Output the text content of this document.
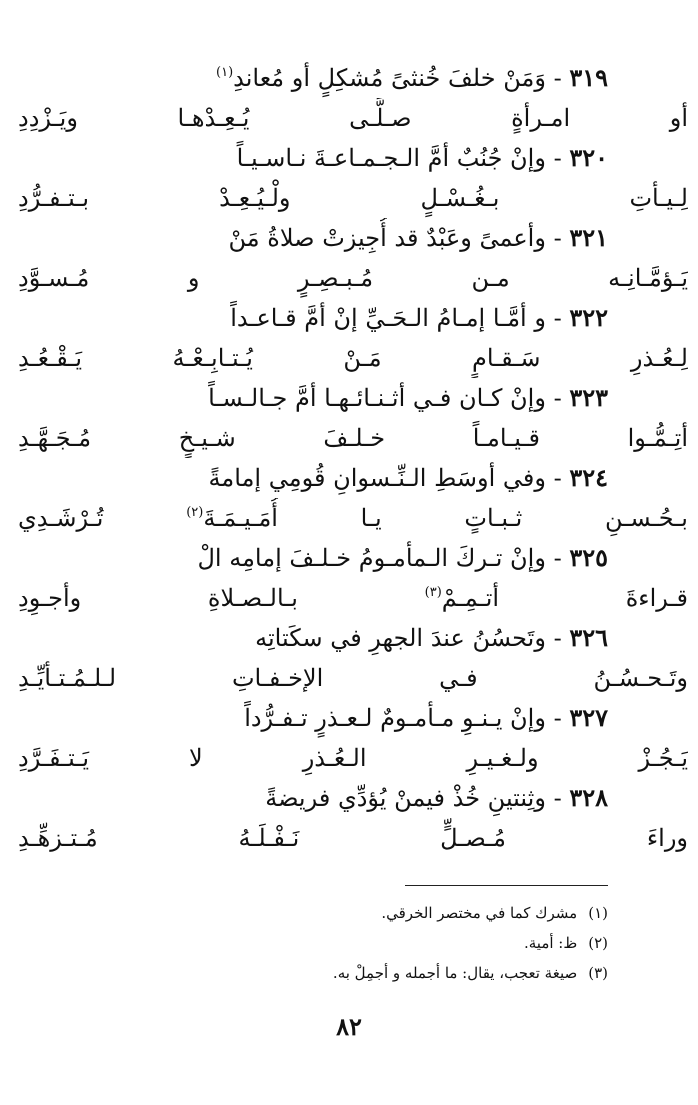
٣١٩ - وَمَنْ خلفَ خُنثىً مُشكِلٍ أو مُعاندِ$^{(١)}$
أو امـرأةٍ صـلَّـى يُـعِـدْهـا ويَـزْدِدِ
٣٢٠ - وإنْ جُنُبٌ أمَّ الـجـمـاعـةَ نـاسـيـاً
لِـيـأتِ بـغُـسْـلٍ ولْـيُـعِـدْ بـتـفـرُّدِ
٣٢١ - وأعمىً وعَبْدٌ قد أُجِيزتْ صلاةُ مَنْ
يَـؤمَّـانِـه مـن مُـبـصِـرٍ و مُـسـوَّدِ
٣٢٢ - و أمَّـا إمـامُ الـحَـيِّ إنْ أمَّ قـاعـداً
لِـعُـذرِ سَـقـامٍ مَـنْ يُـتـابِـعْـهُ يَـقْـعُـدِ
٣٢٣ - وإنْ كـان فـي أثـنـائـهـا أمَّ جـالـسـاً
أتِـمُّـوا قـيـامـاً خـلـفَ شـيـخٍ مُـجَـهَّـدِ
٣٢٤ - وفي أوسَطِ الـنِّـسوانِ قُومِي إمامةً
بـحُـسـنِ ثـبـاتٍ يـا أُمَـيـمَـةَ$^{(٢)}$ تُـرْشَـدِي
٣٢٥ - وإنْ تـركَ الـمأمـومُ خـلـفَ إمامِه الْ
قـراءةَ أتـمِـمْ$^{(٣)}$ بـالـصـلاةِ وأجـوِدِ
٣٢٦ - وتَحسُنُ عندَ الجهرِ في سكَتاتِه
وتَـحـسُـنُ فـي الإخـفـاتِ لـلـمُـتـأيِّـدِ
٣٢٧ - وإنْ يـنـوِ مـأمـومٌ لـعـذرٍ تـفـرُّداً
يَـجُـزْ ولـغـيـرِ الـعُـذرِ لا يَـتـفَـرَّدِ
٣٢٨ - وثِنتينِ خُذْ فيمنْ يُؤدِّي فريضةً
وراءَ مُـصـلٍّ نَـفْـلَـهُ مُـتـزهِّـدِ
(١) مشرك كما في مختصر الخرقي.
(٢) ظ: أمية.
(٣) صيغة تعجب، يقال: ما أجمله و أجمِلْ به.
٨٢
